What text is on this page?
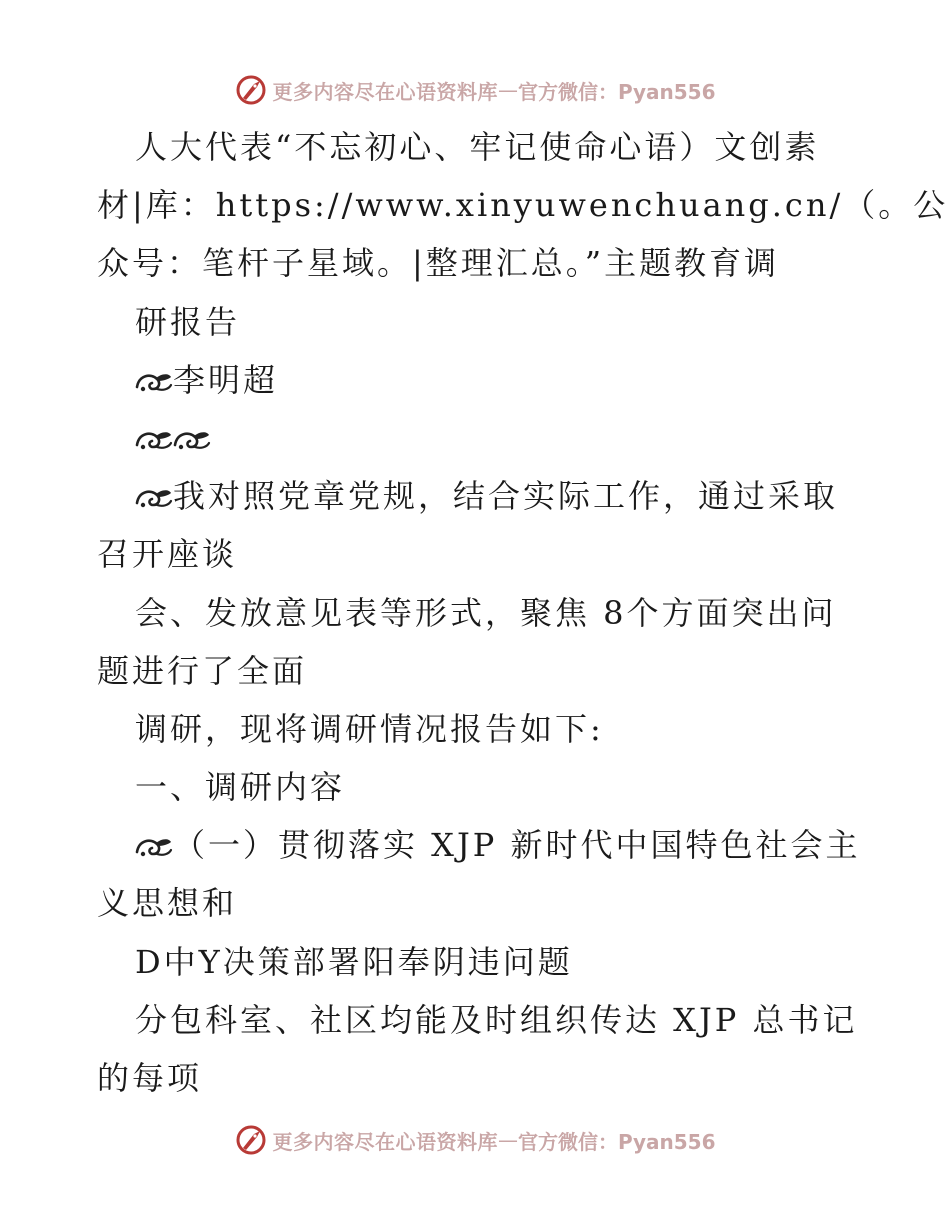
更多内容尽在心语资料库 — 官方微信：Pyan556
人大代表“不忘初心、牢记使命心语）文创素
材|库：https://www.xinyuwenchuang.cn/（。公
众号：笔杆子星域。|整理汇总。”主题教育调
研报告
李明超
我对照党章党规，结合实际工作，通过采取
召开座谈
会、发放意见表等形式，聚焦 8个方面突出问
题进行了全面
调研，现将调研情况报告如下:
一、调研内容
（一）贯彻落实 XJP 新时代中国特色社会主
义思想和
D中Y决策部署阳奉阴违问题
分包科室、社区均能及时组织传达 XJP 总书记
的每项
更多内容尽在心语资料库 — 官方微信：Pyan556
